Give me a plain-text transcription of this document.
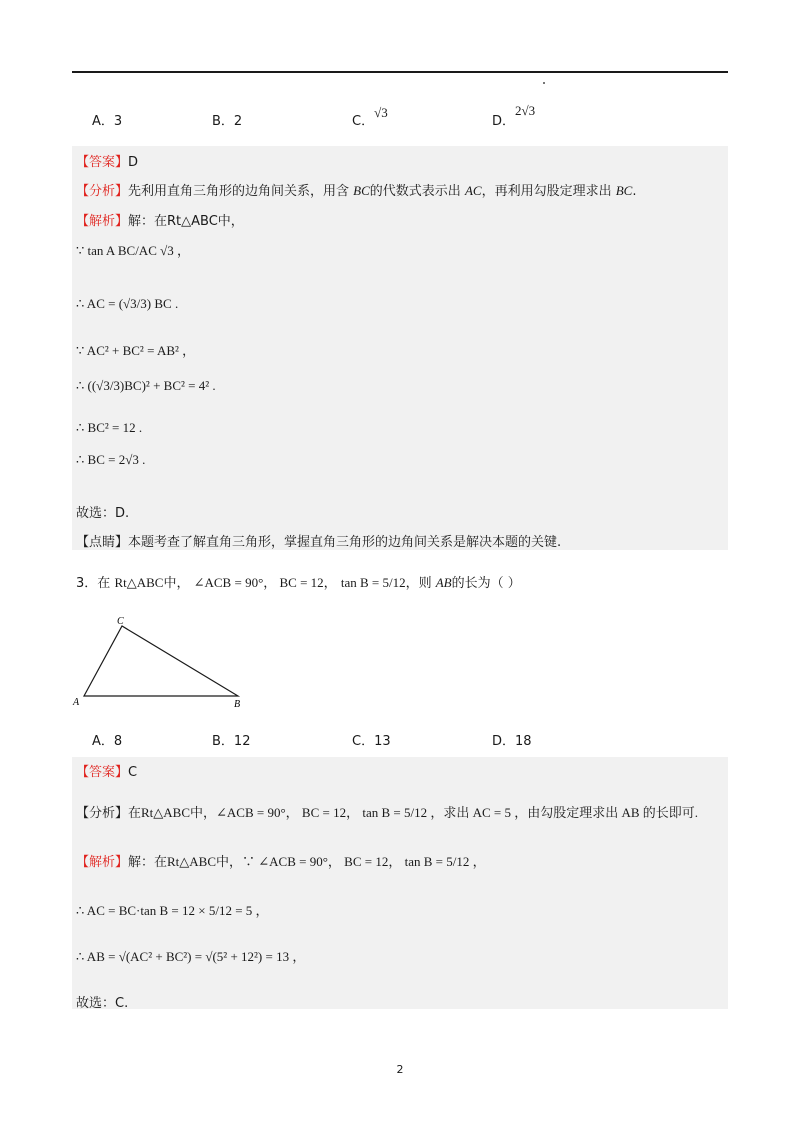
A．3	B．2	C．√3
D．2√3
【答案】D
【分析】先利用直角三角形的边角间关系，用含 BC的代数式表示出 AC，再利用勾股定理求出 BC.
【解析】解：在Rt△ABC中，
∵ tan A BC/AC √3 ，
∴ AC = (√3/3) BC .
∵ AC² + BC² = AB² ，
∴ ((√3/3)BC)² + BC² = 4² .
∴ BC² = 12 .
∴ BC = 2√3 .
故选：D.
【点睛】本题考查了解直角三角形，掌握直角三角形的边角间关系是解决本题的关键.
3．在 Rt△ABC中， ∠ACB = 90°， BC = 12， tan B = 5/12，则 AB的长为（ ）
A
C
B
A．8	B．12	C．13	D．18
【答案】C
【分析】在Rt△ABC中，∠ACB = 90°， BC = 12， tan B = 5/12 ，求出 AC = 5 ，由勾股定理求出 AB 的长即可.
【解析】解：在Rt△ABC中，∵ ∠ACB = 90°， BC = 12， tan B = 5/12 ，
∴ AC = BC·tan B = 12 × 5/12 = 5 ，
∴ AB = √(AC² + BC²) = √(5² + 12²) = 13 ，
故选：C.
2
